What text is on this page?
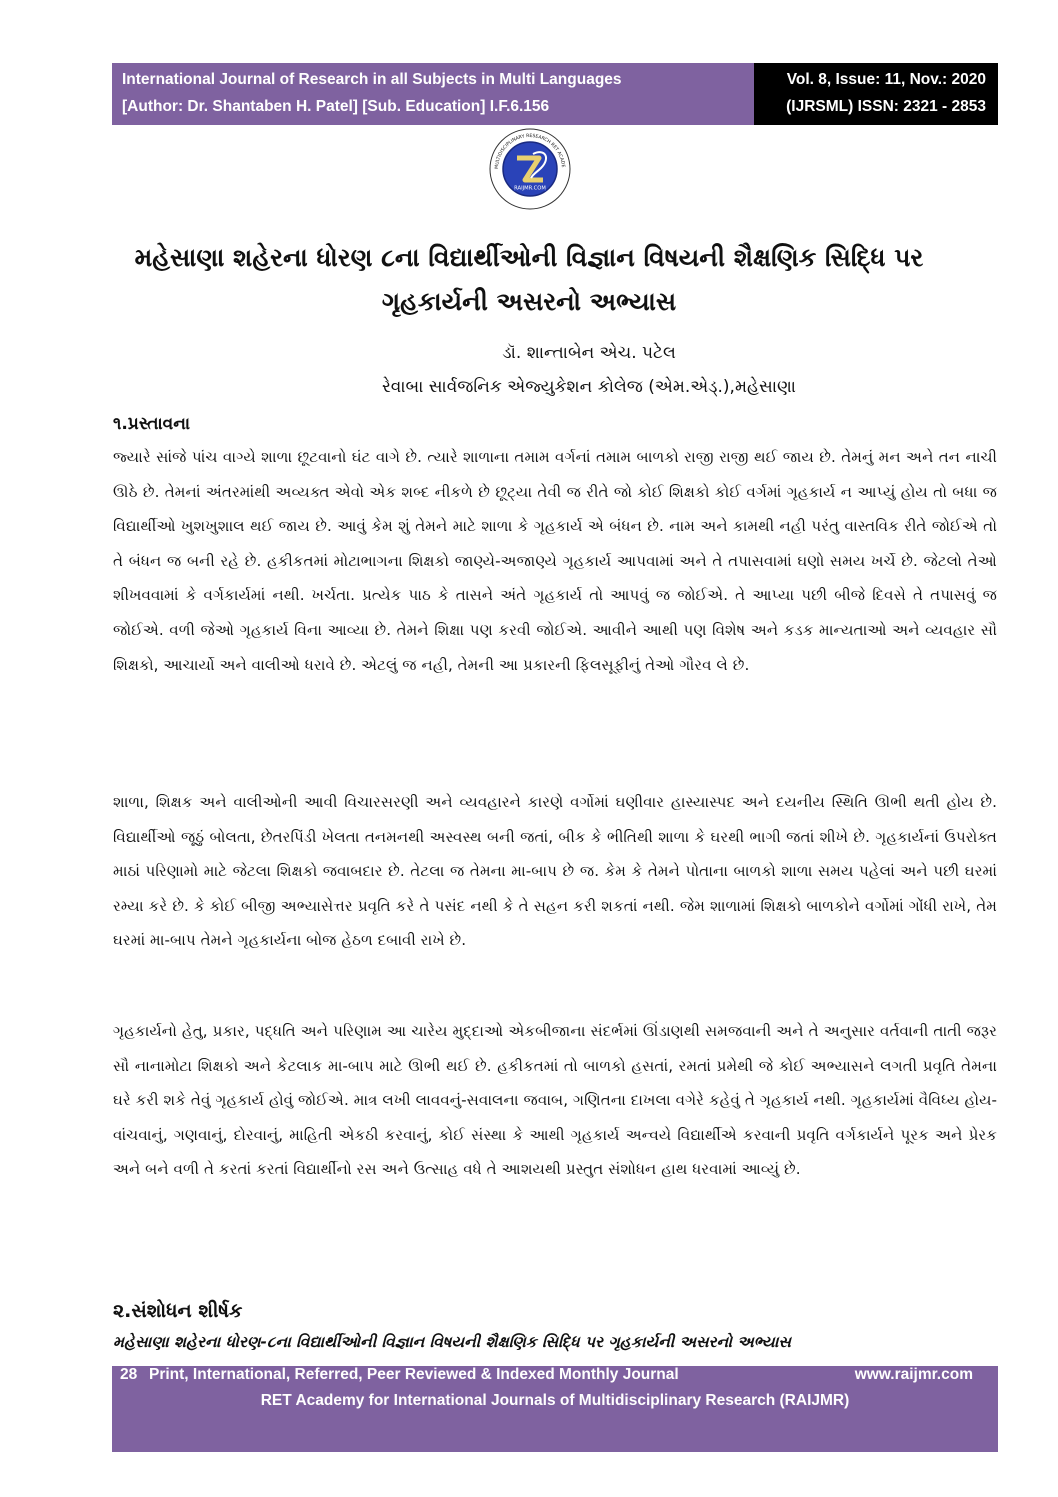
International Journal of Research in all Subjects in Multi Languages
[Author: Dr. Shantaben H. Patel] [Sub. Education] I.F.6.156
Vol. 8, Issue: 11, Nov.: 2020
(IJRSML) ISSN: 2321 - 2853
RAIJMR.COM
MULTIDISCIPLINARY RESEARCH RET ACADE
મહેસાણા શહેરના ધોરણ ૮ના વિદ્યાર્થીઓની વિજ્ઞાન વિષયની શૈક્ષણિક સિદ્ધિ પર
ગૃહકાર્યની અસરનો અભ્યાસ
ડૉ. શાન્તાબેન એચ. પટેલ
રેવાબા સાર્વજનિક એજ્યુકેશન કોલેજ (એમ.એડ્.),મહેસાણા
૧.પ્રસ્તાવના
જ્યારે સાંજે પાંચ વાગ્યે શાળા છૂટવાનો ઘંટ વાગે છે. ત્યારે શાળાના તમામ વર્ગનાં તમામ બાળકો રાજી રાજી થઈ જાય છે. તેમનું મન અને તન નાચી ઊઠે છે. તેમનાં અંતરમાંથી અવ્યક્ત એવો એક શબ્દ નીકળે છે છૂટ્યા તેવી જ રીતે જો કોઈ શિક્ષકો કોઈ વર્ગમાં ગૃહકાર્ય ન આપ્યું હોય તો બધા જ વિદ્યાર્થીઓ ખુશખુશાલ થઈ જાય છે. આવું કેમ શું તેમને માટે શાળા કે ગૃહકાર્ય એ બંધન છે. નામ અને કામથી નહી પરંતુ વાસ્તવિક રીતે જોઈએ તો તે બંધન જ બની રહે છે. હકીકતમાં મોટાભાગના શિક્ષકો જાણ્યે-અજાણ્યે ગૃહકાર્ય આપવામાં અને તે તપાસવામાં ઘણો સમય ખર્ચે છે. જેટલો તેઓ શીખવવામાં કે વર્ગકાર્યમાં નથી. ખર્ચતા. પ્રત્યેક પાઠ કે તાસને અંતે ગૃહકાર્ય તો આપવું જ જોઈએ. તે આપ્યા પછી બીજે દિવસે તે તપાસવું જ જોઈએ. વળી જેઓ ગૃહકાર્ય વિના આવ્યા છે. તેમને શિક્ષા પણ કરવી જોઈએ. આવીને આથી પણ વિશેષ અને કડક માન્યતાઓ અને વ્યવહાર સૌ શિક્ષકો, આચાર્યો અને વાલીઓ ધરાવે છે. એટલું જ નહી, તેમની આ પ્રકારની ફિલસૂફીનું તેઓ ગૌરવ લે છે.
શાળા, શિક્ષક અને વાલીઓની આવી વિચારસરણી અને વ્યવહારને કારણે વર્ગોમાં ઘણીવાર હાસ્યાસ્પદ અને દયનીય સ્થિતિ ઊભી થતી હોય છે. વિદ્યાર્થીઓ જૂઠું બોલતા, છેતરપિંડી ખેલતા તનમનથી અસ્વસ્થ બની જતાં, બીક કે ભીતિથી શાળા કે ઘરથી ભાગી જતાં શીખે છે. ગૃહકાર્યનાં ઉપરોક્ત માઠાં પરિણામો માટે જેટલા શિક્ષકો જવાબદાર છે. તેટલા જ તેમના મા-બાપ છે જ. કેમ કે તેમને પોતાના બાળકો શાળા સમય પહેલાં અને પછી ઘરમાં રમ્યા કરે છે. કે કોઈ બીજી અભ્યાસેત્તર પ્રવૃતિ કરે તે પસંદ નથી કે તે સહન કરી શકતાં નથી. જેમ શાળામાં શિક્ષકો બાળકોને વર્ગોમાં ગોંધી રાખે, તેમ ઘરમાં મા-બાપ તેમને ગૃહકાર્યના બોજ હેઠળ દબાવી રાખે છે.
ગૃહકાર્યનો હેતુ, પ્રકાર, પદ્ધતિ અને પરિણામ આ ચારેય મુદ્દાઓ એકબીજાના સંદર્ભમાં ઊંડાણથી સમજવાની અને તે અનુસાર વર્તવાની તાતી જરૂર સૌ નાનામોટા શિક્ષકો અને કેટલાક મા-બાપ માટે ઊભી થઈ છે. હકીકતમાં તો બાળકો હસતાં, રમતાં પ્રમેથી જે કોઈ અભ્યાસને લગતી પ્રવૃતિ તેમના ઘરે કરી શકે તેવું ગૃહકાર્ય હોવું જોઈએ. માત્ર લખી લાવવનું-સવાલના જવાબ, ગણિતના દાખલા વગેરે કહેવું તે ગૃહકાર્ય નથી. ગૃહકાર્યમાં વૈવિધ્ય હોય-વાંચવાનું, ગણવાનું, દોરવાનું, માહિતી એકઠી કરવાનું, કોઈ સંસ્થા કે આથી ગૃહકાર્ય અન્વયે વિદ્યાર્થીએ કરવાની પ્રવૃતિ વર્ગકાર્યને પૂરક અને પ્રેરક અને બને વળી તે કરતાં કરતાં વિદ્યાર્થીનો રસ અને ઉત્સાહ વધે તે આશયથી પ્રસ્તુત સંશોધન હાથ ધરવામાં આવ્યું છે.
૨.સંશોધન શીર્ષક
મહેસાણા શહેરના ધોરણ-૮ના વિદ્યાર્થીઓની વિજ્ઞાન વિષયની શૈક્ષણિક સિદ્ધિ પર ગૃહકાર્યની અસરનો અભ્યાસ
28 Print, International, Referred, Peer Reviewed & Indexed Monthly Journal	www.raijmr.com
RET Academy for International Journals of Multidisciplinary Research (RAIJMR)
